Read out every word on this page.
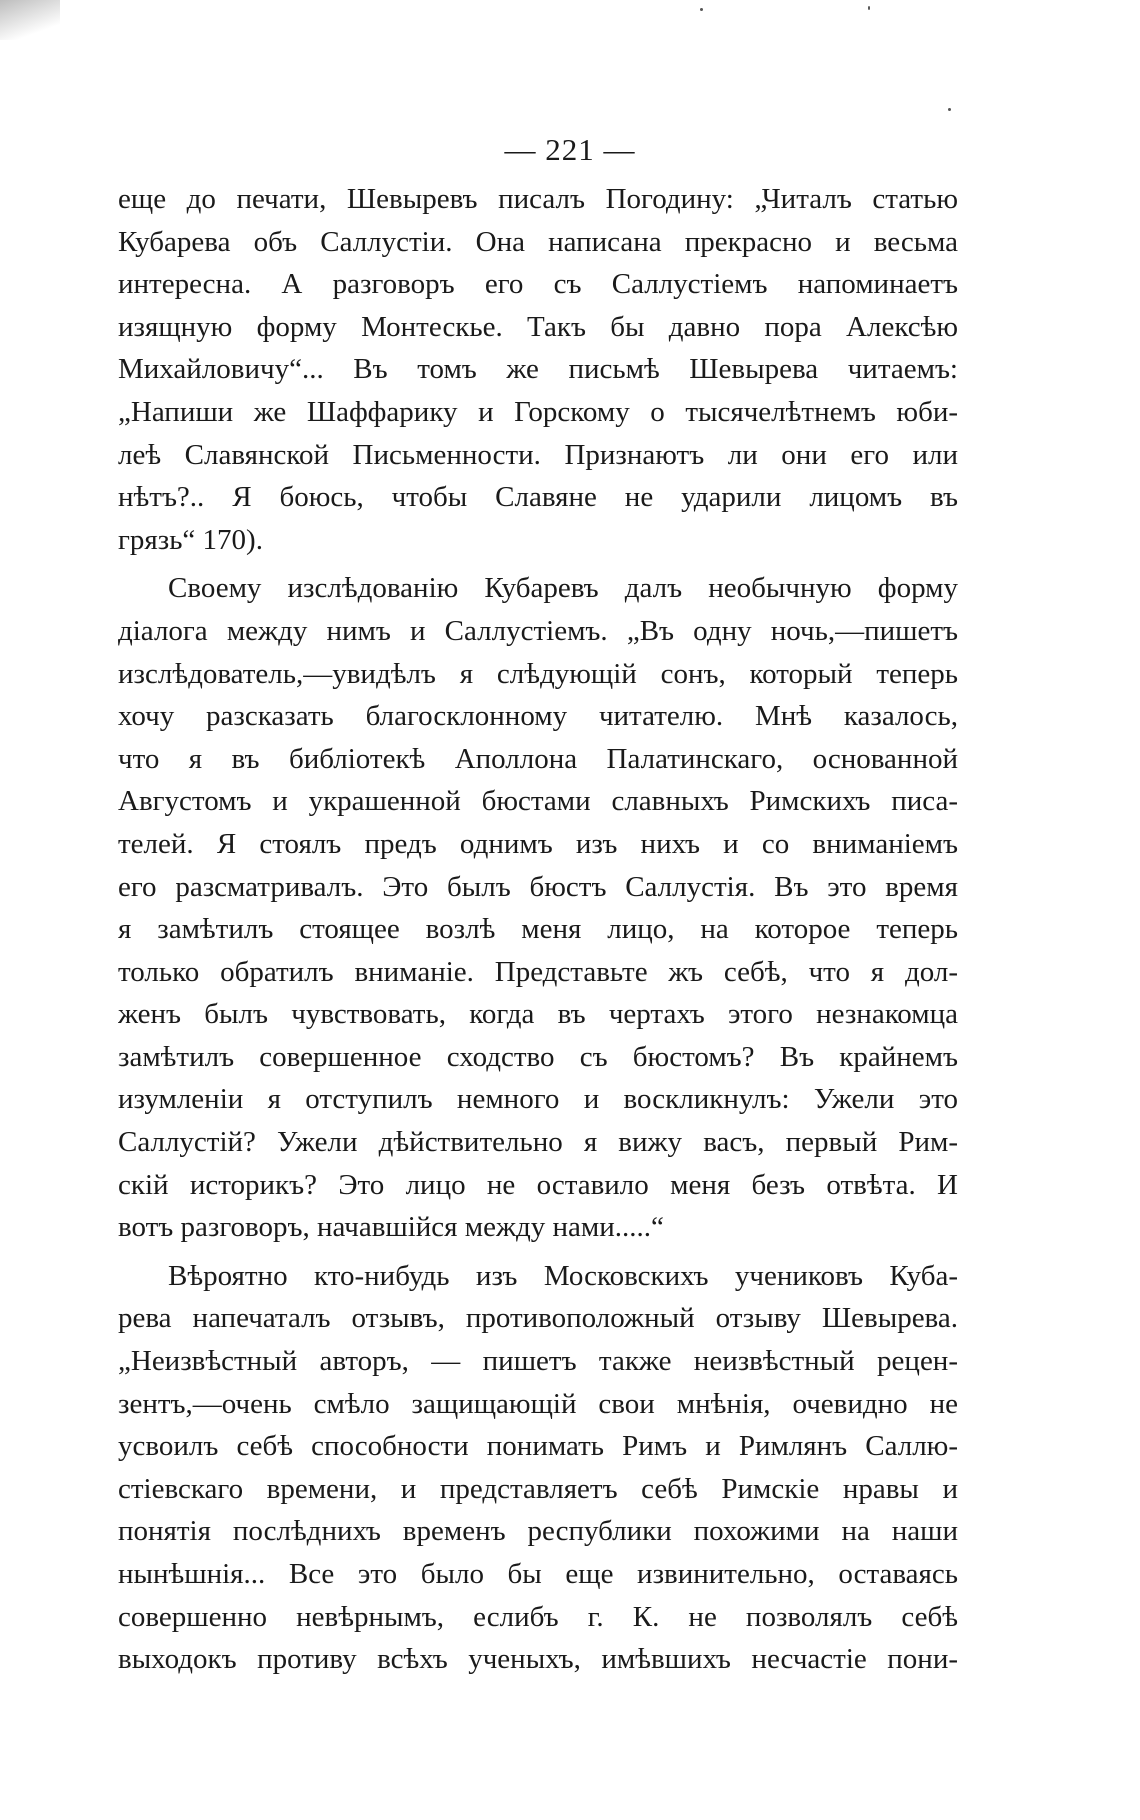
— 221 —
еще до печати, Шевыревъ писалъ Погодину: „Читалъ статью
Кубарева объ Саллустіи. Она написана прекрасно и весьма
интересна. А разговоръ его съ Саллустіемъ напоминаетъ
изящную форму Монтескье. Такъ бы давно пора Алексѣю
Михайловичу“... Въ томъ же письмѣ Шевырева читаемъ:
„Напиши же Шаффарику и Горскому о тысячелѣтнемъ юби-
леѣ Славянской Письменности. Признаютъ ли они его или
нѣтъ?.. Я боюсь, чтобы Славяне не ударили лицомъ въ
грязь“ 170).
Своему изслѣдованію Кубаревъ далъ необычную форму
діалога между нимъ и Саллустіемъ. „Въ одну ночь,—пишетъ
изслѣдователь,—увидѣлъ я слѣдующій сонъ, который теперь
хочу разсказать благосклонному читателю. Мнѣ казалось,
что я въ библіотекѣ Аполлона Палатинскаго, основанной
Августомъ и украшенной бюстами славныхъ Римскихъ писа-
телей. Я стоялъ предъ однимъ изъ нихъ и со вниманіемъ
его разсматривалъ. Это былъ бюстъ Саллустія. Въ это время
я замѣтилъ стоящее возлѣ меня лицо, на которое теперь
только обратилъ вниманіе. Представьте жъ себѣ, что я дол-
женъ былъ чувствовать, когда въ чертахъ этого незнакомца
замѣтилъ совершенное сходство съ бюстомъ? Въ крайнемъ
изумленіи я отступилъ немного и воскликнулъ: Ужели это
Саллустій? Ужели дѣйствительно я вижу васъ, первый Рим-
скій историкъ? Это лицо не оставило меня безъ отвѣта. И
вотъ разговоръ, начавшійся между нами.....“
Вѣроятно кто-нибудь изъ Московскихъ учениковъ Куба-
рева напечаталъ отзывъ, противоположный отзыву Шевырева.
„Неизвѣстный авторъ, — пишетъ также неизвѣстный рецен-
зентъ,—очень смѣло защищающій свои мнѣнія, очевидно не
усвоилъ себѣ способности понимать Римъ и Римлянъ Саллю-
стіевскаго времени, и представляетъ себѣ Римскіе нравы и
понятія послѣднихъ временъ республики похожими на наши
нынѣшнія... Все это было бы еще извинительно, оставаясь
совершенно невѣрнымъ, еслибъ г. К. не позволялъ себѣ
выходокъ противу всѣхъ ученыхъ, имѣвшихъ несчастіе пони-
